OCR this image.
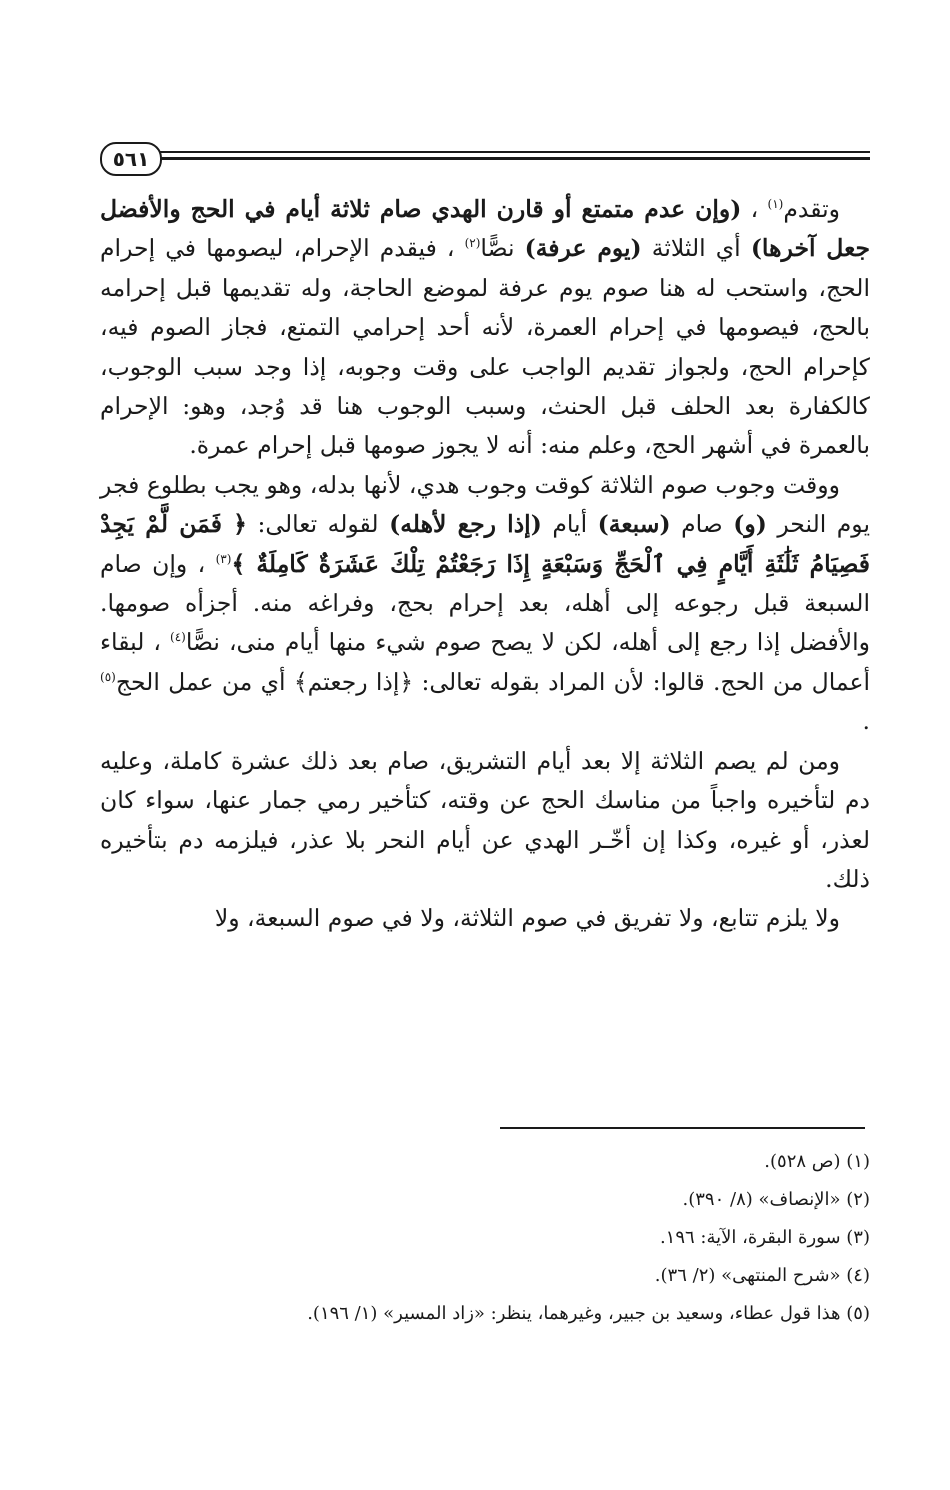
٥٦١

وتقدم$^{(١)}$ ، (وإن عدم متمتع أو قارن الهدي صام ثلاثة أيام في الحج والأفضل جعل آخرها) أي الثلاثة (يوم عرفة) نصًّا$^{(٢)}$ ، فيقدم الإحرام، ليصومها في إحرام الحج، واستحب له هنا صوم يوم عرفة لموضع الحاجة، وله تقديمها قبل إحرامه بالحج، فيصومها في إحرام العمرة، لأنه أحد إحرامي التمتع، فجاز الصوم فيه، كإحرام الحج، ولجواز تقديم الواجب على وقت وجوبه، إذا وجد سبب الوجوب، كالكفارة بعد الحلف قبل الحنث، وسبب الوجوب هنا قد وُجد، وهو: الإحرام بالعمرة في أشهر الحج، وعلم منه: أنه لا يجوز صومها قبل إحرام عمرة.

ووقت وجوب صوم الثلاثة كوقت وجوب هدي، لأنها بدله، وهو يجب بطلوع فجر يوم النحر (و) صام (سبعة) أيام (إذا رجع لأهله) لقوله تعالى: ﴿ فَمَن لَّمْ يَجِدْ فَصِيَامُ ثَلَٰثَةِ أَيَّامٍ فِي ٱلْحَجِّ وَسَبْعَةٍ إِذَا رَجَعْتُمْ تِلْكَ عَشَرَةٌ كَامِلَةٌ ﴾$^{(٣)}$ ، وإن صام السبعة قبل رجوعه إلى أهله، بعد إحرام بحج، وفراغه منه. أجزأه صومها. والأفضل إذا رجع إلى أهله، لكن لا يصح صوم شيء منها أيام منى، نصًّا$^{(٤)}$ ، لبقاء أعمال من الحج. قالوا: لأن المراد بقوله تعالى: ﴿إذا رجعتم﴾ أي من عمل الحج$^{(٥)}$ .

ومن لم يصم الثلاثة إلا بعد أيام التشريق، صام بعد ذلك عشرة كاملة، وعليه دم لتأخيره واجباً من مناسك الحج عن وقته، كتأخير رمي جمار عنها، سواء كان لعذر، أو غيره، وكذا إن أخّـر الهدي عن أيام النحر بلا عذر، فيلزمه دم بتأخيره ذلك.

ولا يلزم تتابع، ولا تفريق في صوم الثلاثة، ولا في صوم السبعة، ولا

(١) (ص ٥٢٨).
(٢) «الإنصاف» (٨/ ٣٩٠).
(٣) سورة البقرة، الآية: ١٩٦.
(٤) «شرح المنتهى» (٢/ ٣٦).
(٥) هذا قول عطاء، وسعيد بن جبير، وغيرهما، ينظر: «زاد المسير» (١/ ١٩٦).
